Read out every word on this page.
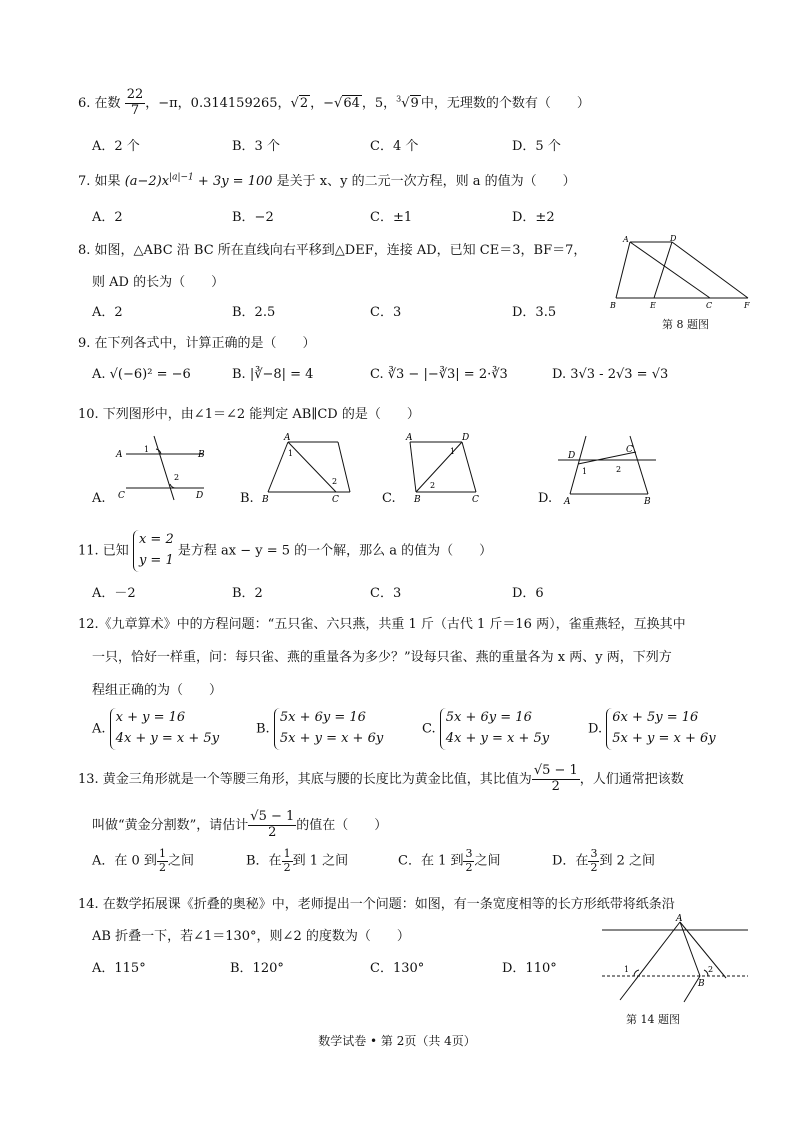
6. 在数 $\frac{22}{7}$ ，−π，0.314159265，√2 ，−√64 ，5，$^3$√9 中，无理数的个数有（　　）
A．2 个	B．3 个	C．4 个	D．5 个
7. 如果 $(a-2)x^{|a|-1} + 3y = 100$ 是关于 x、y 的二元一次方程，则 a 的值为（　　）
A．2	B．−2	C．±1	D．±2
8. 如图，△ABC 沿 BC 所在直线向右平移到△DEF，连接 AD，已知 CE＝3，BF＝7，
则 AD 的长为（　　）
A．2	B．2.5	C．3	D．3.5
A	D
B	E	C	F
第 8 题图
9. 在下列各式中，计算正确的是（　　）
A. √(−6)² = −6	B. |∛−8| = 4	C. ∛3 − |−∛3| = 2·∛3	D. 3√3 - 2√3 = √3
10. 下列图形中，由∠1＝∠2 能判定 AB∥CD 的是（　　）
A.
A
1
B
C
2
D	B.
A
1
2
B	C	C.
A	D
1
2
B	C	D.
D
C
1	2
A	B
11. 已知 x = 2
y = 1 是方程 ax − y = 5 的一个解，那么 a 的值为（　　）
A．－2	B．2	C．3	D．6
12.《九章算术》中的方程问题：“五只雀、六只燕，共重 1 斤（古代 1 斤＝16 两），雀重燕轻，互换其中
一只，恰好一样重，问：每只雀、燕的重量各为多少？”设每只雀、燕的重量各为 x 两、y 两，下列方
程组正确的为（　　）
A. x + y = 16
4x + y = x + 5y
B. 5x + 6y = 16
5x + y = x + 6y
C. 5x + 6y = 16
4x + y = x + 5y
D. 6x + 5y = 16
5x + y = x + 6y
13. 黄金三角形就是一个等腰三角形，其底与腰的长度比为黄金比值，其比值为 $\frac{√5 - 1}{2}$ ，人们通常把该数
叫做“黄金分割数”，请估计 $\frac{√5 - 1}{2}$ 的值在（　　）
A．在 0 到 $\frac{1}{2}$ 之间	B．在 $\frac{1}{2}$ 到 1 之间	C．在 1 到 $\frac{3}{2}$ 之间	D．在 $\frac{3}{2}$ 到 2 之间
14. 在数学拓展课《折叠的奥秘》中，老师提出一个问题：如图，有一条宽度相等的长方形纸带将纸条沿
AB 折叠一下，若∠1＝130°，则∠2 的度数为（　　）
A．115°	B．120°	C．130°	D．110°
A
1	2
B
第 14 题图
数学试卷 • 第 2页（共 4页）
